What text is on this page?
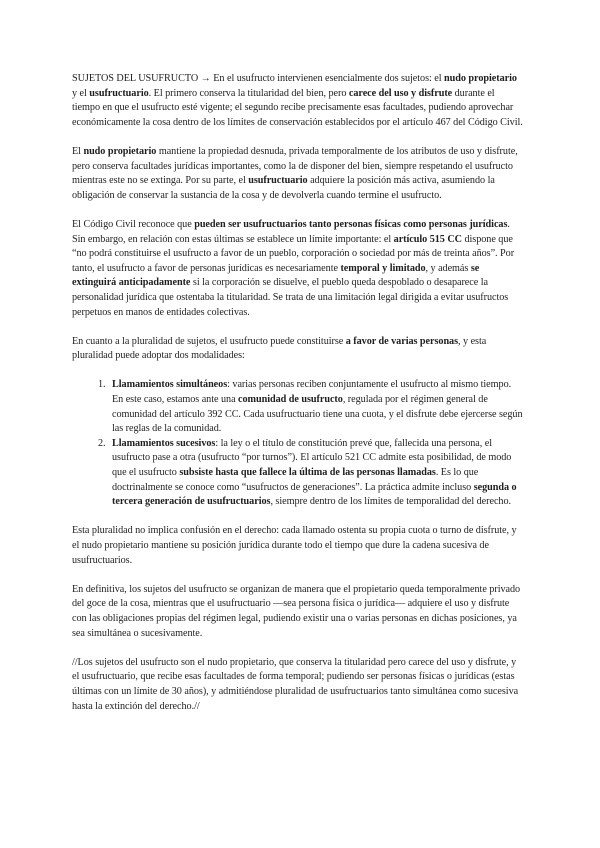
SUJETOS DEL USUFRUCTO → En el usufructo intervienen esencialmente dos sujetos: el nudo propietario y el usufructuario. El primero conserva la titularidad del bien, pero carece del uso y disfrute durante el tiempo en que el usufructo esté vigente; el segundo recibe precisamente esas facultades, pudiendo aprovechar económicamente la cosa dentro de los límites de conservación establecidos por el artículo 467 del Código Civil.

El nudo propietario mantiene la propiedad desnuda, privada temporalmente de los atributos de uso y disfrute, pero conserva facultades jurídicas importantes, como la de disponer del bien, siempre respetando el usufructo mientras este no se extinga. Por su parte, el usufructuario adquiere la posición más activa, asumiendo la obligación de conservar la sustancia de la cosa y de devolverla cuando termine el usufructo.

El Código Civil reconoce que pueden ser usufructuarios tanto personas físicas como personas jurídicas. Sin embargo, en relación con estas últimas se establece un límite importante: el artículo 515 CC dispone que “no podrá constituirse el usufructo a favor de un pueblo, corporación o sociedad por más de treinta años”. Por tanto, el usufructo a favor de personas jurídicas es necesariamente temporal y limitado, y además se extinguirá anticipadamente si la corporación se disuelve, el pueblo queda despoblado o desaparece la personalidad jurídica que ostentaba la titularidad. Se trata de una limitación legal dirigida a evitar usufructos perpetuos en manos de entidades colectivas.

En cuanto a la pluralidad de sujetos, el usufructo puede constituirse a favor de varias personas, y esta pluralidad puede adoptar dos modalidades:

1. Llamamientos simultáneos: varias personas reciben conjuntamente el usufructo al mismo tiempo. En este caso, estamos ante una comunidad de usufructo, regulada por el régimen general de comunidad del artículo 392 CC. Cada usufructuario tiene una cuota, y el disfrute debe ejercerse según las reglas de la comunidad.
2. Llamamientos sucesivos: la ley o el título de constitución prevé que, fallecida una persona, el usufructo pase a otra (usufructo “por turnos”). El artículo 521 CC admite esta posibilidad, de modo que el usufructo subsiste hasta que fallece la última de las personas llamadas. Es lo que doctrinalmente se conoce como “usufructos de generaciones”. La práctica admite incluso segunda o tercera generación de usufructuarios, siempre dentro de los límites de temporalidad del derecho.

Esta pluralidad no implica confusión en el derecho: cada llamado ostenta su propia cuota o turno de disfrute, y el nudo propietario mantiene su posición jurídica durante todo el tiempo que dure la cadena sucesiva de usufructuarios.

En definitiva, los sujetos del usufructo se organizan de manera que el propietario queda temporalmente privado del goce de la cosa, mientras que el usufructuario —sea persona física o jurídica— adquiere el uso y disfrute con las obligaciones propias del régimen legal, pudiendo existir una o varias personas en dichas posiciones, ya sea simultánea o sucesivamente.

//Los sujetos del usufructo son el nudo propietario, que conserva la titularidad pero carece del uso y disfrute, y el usufructuario, que recibe esas facultades de forma temporal; pudiendo ser personas físicas o jurídicas (estas últimas con un límite de 30 años), y admitiéndose pluralidad de usufructuarios tanto simultánea como sucesiva hasta la extinción del derecho.//
